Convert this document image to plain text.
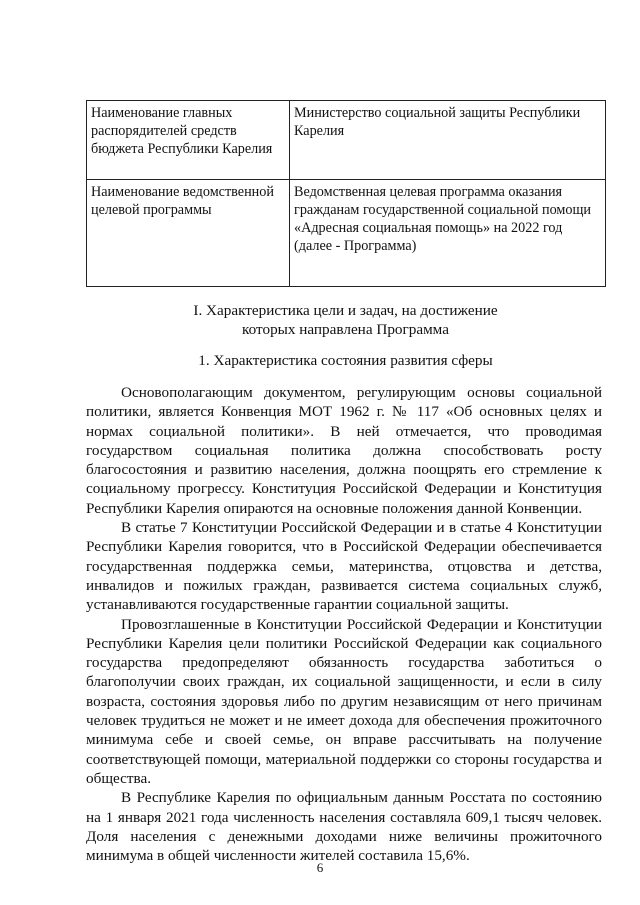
Наименование главных распорядителей средств бюджета Республики Карелия	Министерство социальной защиты Республики Карелия
Наименование ведомственной целевой программы	Ведомственная целевая программа оказания гражданам государственной социальной помощи «Адресная социальная помощь» на 2022 год (далее - Программа)
I. Характеристика цели и задач, на достижение
которых направлена Программа
1. Характеристика состояния развития сферы

Основополагающим документом, регулирующим основы социальной политики, является Конвенция МОТ 1962 г. № 117 «Об основных целях и нормах социальной политики». В ней отмечается, что проводимая государством социальная политика должна способствовать росту благосостояния и развитию населения, должна поощрять его стремление к социальному прогрессу. Конституция Российской Федерации и Конституция Республики Карелия опираются на основные положения данной Конвенции.

В статье 7 Конституции Российской Федерации и в статье 4 Конституции Республики Карелия говорится, что в Российской Федерации обеспечивается государственная поддержка семьи, материнства, отцовства и детства, инвалидов и пожилых граждан, развивается система социальных служб, устанавливаются государственные гарантии социальной защиты.

Провозглашенные в Конституции Российской Федерации и Конституции Республики Карелия цели политики Российской Федерации как социального государства предопределяют обязанность государства заботиться о благополучии своих граждан, их социальной защищенности, и если в силу возраста, состояния здоровья либо по другим независящим от него причинам человек трудиться не может и не имеет дохода для обеспечения прожиточного минимума себе и своей семье, он вправе рассчитывать на получение соответствующей помощи, материальной поддержки со стороны государства и общества.

В Республике Карелия по официальным данным Росстата по состоянию на 1 января 2021 года численность населения составляла 609,1 тысяч человек. Доля населения с денежными доходами ниже величины прожиточного минимума в общей численности жителей составила 15,6%.

6
